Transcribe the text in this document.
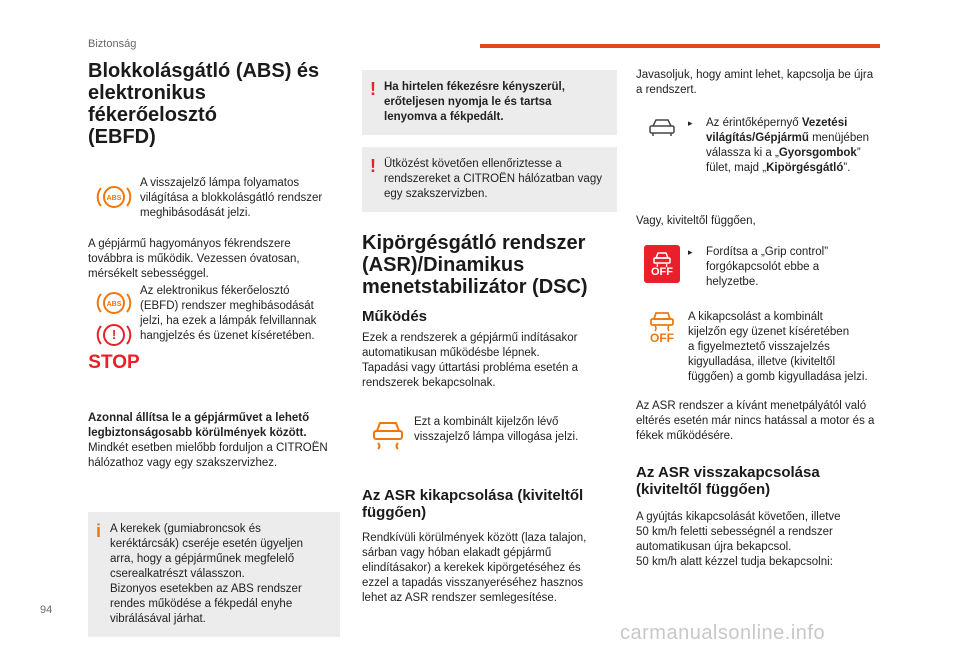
Biztonság
Blokkolásgátló (ABS) és
elektronikus fékerőelosztó
(EBFD)
ABS
A visszajelző lámpa folyamatos
világítása a blokkolásgátló rendszer
meghibásodását jelzi.
A gépjármű hagyományos fékrendszere
továbbra is működik. Vezessen óvatosan,
mérsékelt sebességgel.
ABS
!
STOP
Az elektronikus fékerőelosztó
(EBFD) rendszer meghibásodását
jelzi, ha ezek a lámpák felvillannak
hangjelzés és üzenet kíséretében.

Azonnal állítsa le a gépjárművet a lehető
legbiztonságosabb körülmények között.

Mindkét esetben mielőbb forduljon a CITROËN
hálózathoz vagy egy szakszervizhez.

i A kerekek (gumiabroncsok és
keréktárcsák) cseréje esetén ügyeljen
arra, hogy a gépjárműnek megfelelő
cserealkatrészt válasszon.
Bizonyos esetekben az ABS rendszer
rendes működése a fékpedál enyhe
vibrálásával járhat.
! Ha hirtelen fékezésre kényszerül,
erőteljesen nyomja le és tartsa
lenyomva a fékpedált.
! Ütközést követően ellenőriztesse a
rendszereket a CITROËN hálózatban vagy
egy szakszervizben.
Kipörgésgátló rendszer
(ASR)/Dinamikus
menetstabilizátor (DSC)
Működés
Ezek a rendszerek a gépjármű indításakor
automatikusan működésbe lépnek.
Tapadási vagy úttartási probléma esetén a
rendszerek bekapcsolnak.
Ezt a kombinált kijelzőn lévő
visszajelző lámpa villogása jelzi.
Az ASR kikapcsolása (kiviteltől
függően)
Rendkívüli körülmények között (laza talajon,
sárban vagy hóban elakadt gépjármű
elindításakor) a kerekek kipörgetéséhez és
ezzel a tapadás visszanyeréséhez hasznos
lehet az ASR rendszer semlegesítése.
Javasoljuk, hogy amint lehet, kapcsolja be újra
a rendszert.
▸	Az érintőképernyő Vezetési
világítás/Gépjármű menüjében
válassza ki a „Gyorsgombok”
fület, majd „Kipörgésgátló”.
Vagy, kiviteltől függően,
OFF
▸	Fordítsa a „Grip control”
forgókapcsolót ebbe a
helyzetbe.
OFF
A kikapcsolást a kombinált
kijelzőn egy üzenet kíséretében
a figyelmeztető visszajelzés
kigyulladása, illetve (kiviteltől
függően) a gomb kigyulladása jelzi.
Az ASR rendszer a kívánt menetpályától való
eltérés esetén már nincs hatással a motor és a
fékek működésére.
Az ASR visszakapcsolása
(kiviteltől függően)
A gyújtás kikapcsolását követően, illetve
50 km/h feletti sebességnél a rendszer
automatikusan újra bekapcsol.
50 km/h alatt kézzel tudja bekapcsolni:
94
carmanualsonline.info
